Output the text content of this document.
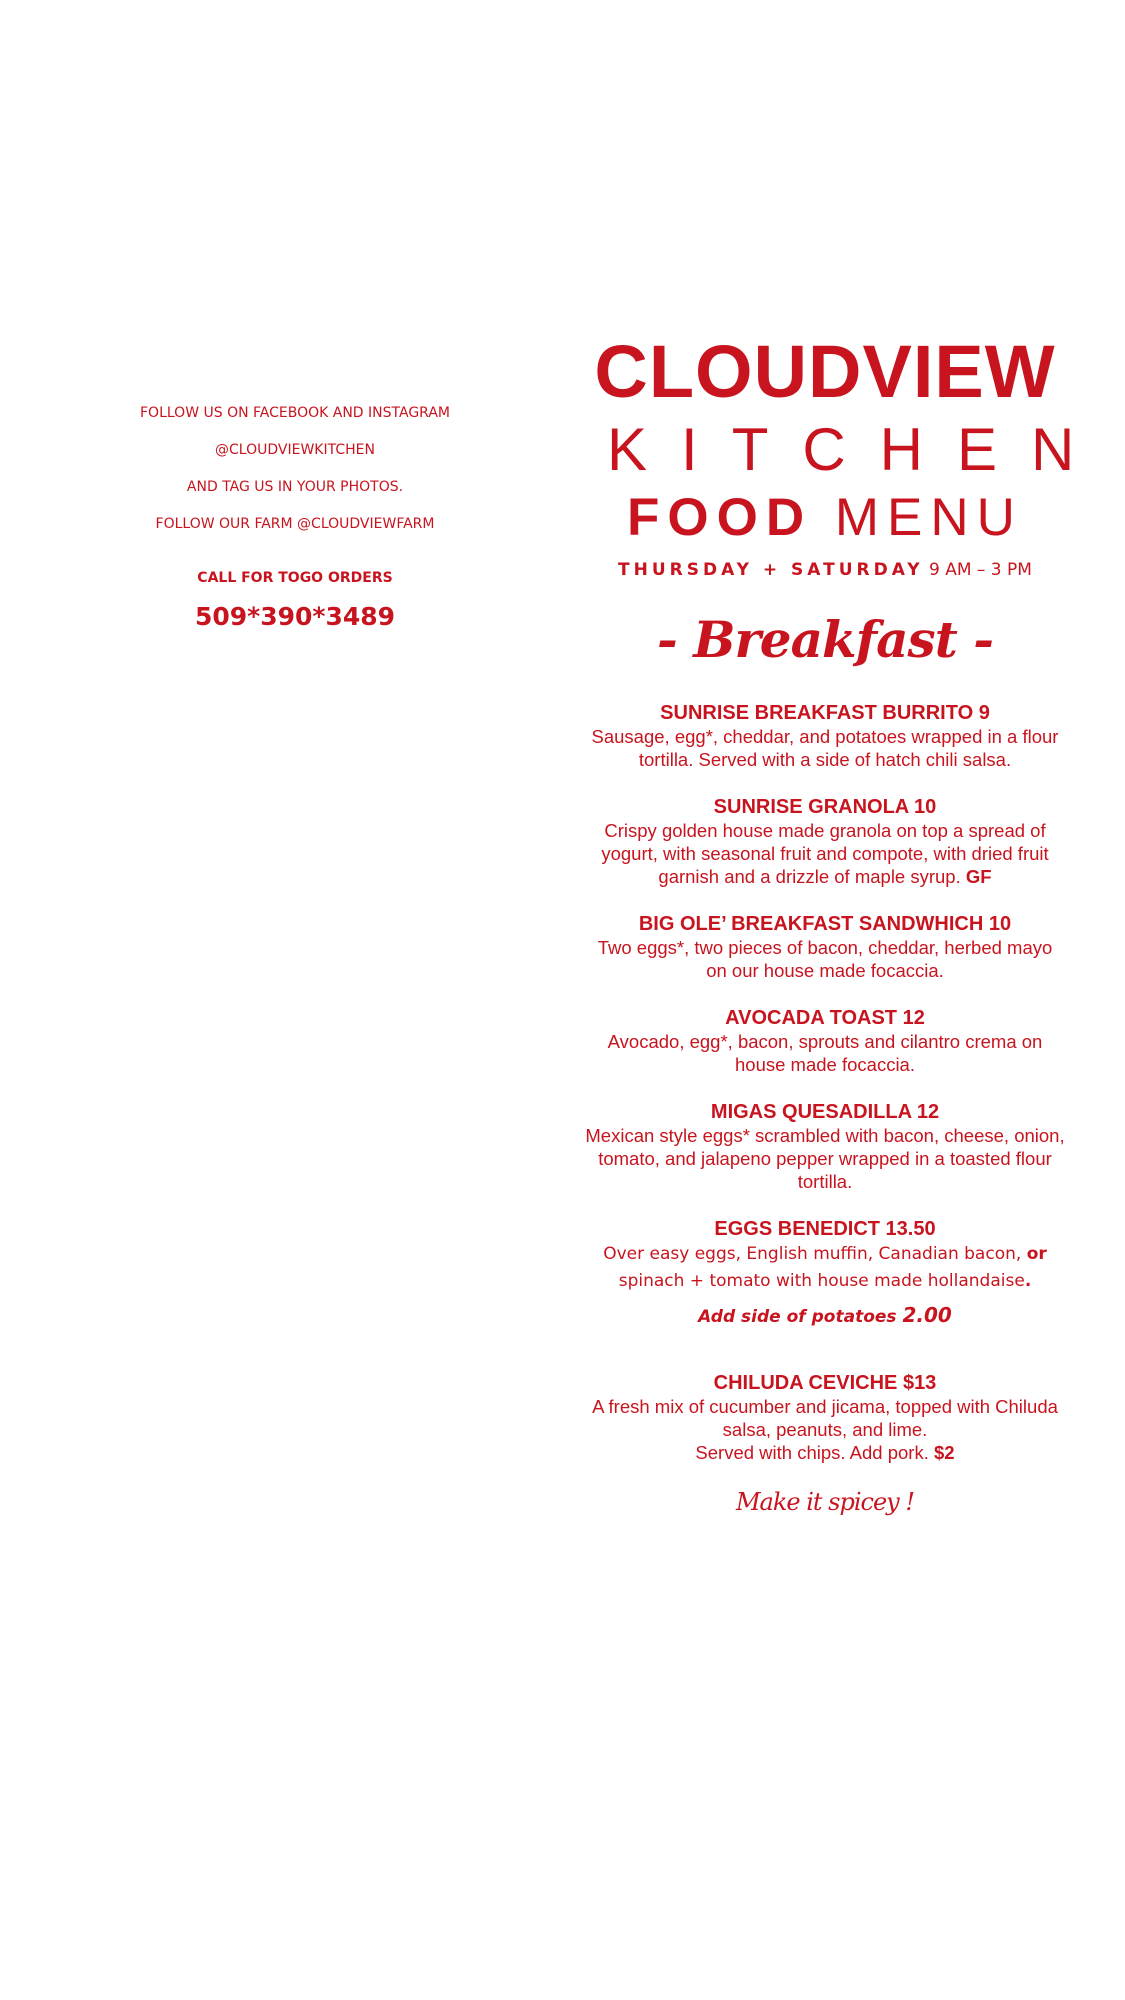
FOLLOW US ON FACEBOOK AND INSTAGRAM

@CLOUDVIEWKITCHEN

AND TAG US IN YOUR PHOTOS.

FOLLOW OUR FARM @CLOUDVIEWFARM

CALL FOR TOGO ORDERS
509*390*3489
CLOUDVIEW
KITCHEN
FOOD MENU
THURSDAY + SATURDAY 9 AM – 3 PM
- Breakfast -
SUNRISE BREAKFAST BURRITO 9
Sausage, egg*, cheddar, and potatoes wrapped in a flour tortilla. Served with a side of hatch chili salsa.
SUNRISE GRANOLA 10
Crispy golden house made granola on top a spread of yogurt, with seasonal fruit and compote, with dried fruit garnish and a drizzle of maple syrup. GF
BIG OLE’ BREAKFAST SANDWHICH 10
Two eggs*, two pieces of bacon, cheddar, herbed mayo on our house made focaccia.
AVOCADA TOAST 12
Avocado, egg*, bacon, sprouts and cilantro crema on house made focaccia.
MIGAS QUESADILLA 12
Mexican style eggs* scrambled with bacon, cheese, onion, tomato, and jalapeno pepper wrapped in a toasted flour tortilla.
EGGS BENEDICT 13.50
Over easy eggs, English muffin, Canadian bacon, or spinach + tomato with house made hollandaise.
Add side of potatoes 2.00
CHILUDA CEVICHE $13
A fresh mix of cucumber and jicama, topped with Chiluda salsa, peanuts, and lime.
Served with chips. Add pork. $2
Make it spicey !
